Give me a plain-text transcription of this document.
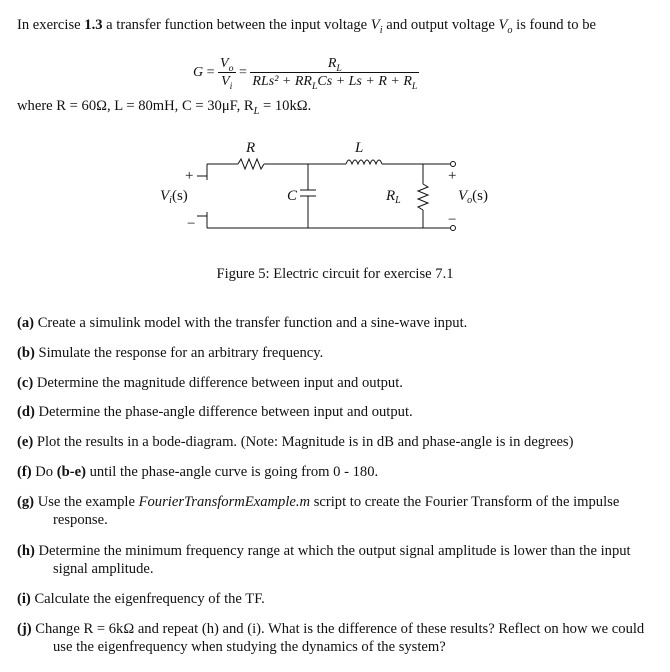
In exercise 1.3 a transfer function between the input voltage $V_i$ and output voltage $V_o$ is found to be
$G = \frac{V_o}{V_i} = \frac{R_L}{RLs^2 + RR_LCs + Ls + R + R_L}$
where R = 60Ω, L = 80mH, C = 30μF, $R_L = 10k\Omega$.
R	L
C	$R_L$
+
−
$V_i(s)$
+
−
$V_o(s)$
Figure 5: Electric circuit for exercise 7.1
(a) Create a simulink model with the transfer function and a sine-wave input.
(b) Simulate the response for an arbitrary frequency.
(c) Determine the magnitude difference between input and output.
(d) Determine the phase-angle difference between input and output.
(e) Plot the results in a bode-diagram. (Note: Magnitude is in dB and phase-angle is in degrees)
(f) Do (b-e) until the phase-angle curve is going from 0 - 180.
(g) Use the example FourierTransformExample.m script to create the Fourier Transform of the impulse response.
(h) Determine the minimum frequency range at which the output signal amplitude is lower than the input signal amplitude.
(i) Calculate the eigenfrequency of the TF.
(j) Change R = 6kΩ and repeat (h) and (i). What is the difference of these results? Reflect on how we could use the eigenfrequency when studying the dynamics of the system?
